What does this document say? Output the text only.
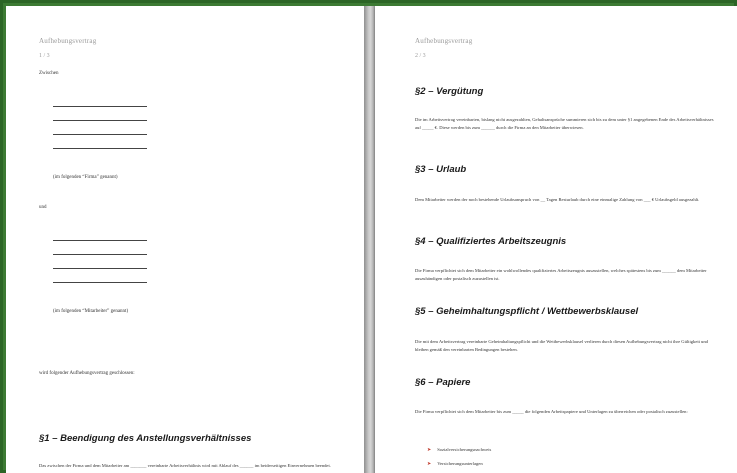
Aufhebungsvertrag
1 / 3
Zwischen
(im folgenden “Firma” genannt)
und
(im folgenden “Mitarbeiter” genannt)
wird folgender Aufhebungsvertrag geschlossen:
§1 – Beendigung des Anstellungsverhältnisses
Das zwischen der Firma und dem Mitarbeiter am _______ vereinbarte Arbeitsverhältnis wird mit Ablauf des ______ im beiderseitigen Einvernehmen beendet.
Aufhebungsvertrag
2 / 3
§2 – Vergütung
Die im Arbeitsvertrag vereinbarten, bislang nicht ausgezahlten, Gehaltsansprüche summieren sich bis zu dem unter §1 angegebenen Ende des Arbeitsverhältnisses auf _____ €. Diese werden bis zum ______ durch die Firma an den Mitarbeiter überwiesen.
§3 – Urlaub
Dem Mitarbeiter werden der noch bestehende Urlaubsanspruch von __ Tagen Resturlaub durch eine einmalige Zahlung von ___ € Urlaubsgeld ausgezahlt.
§4 – Qualifiziertes Arbeitszeugnis
Die Firma verpflichtet sich dem Mitarbeiter ein wohlwollendes qualifiziertes Arbeitszeugnis auszustellen, welches spätestens bis zum ______ dem Mitarbeiter auszuhändigen oder postalisch zuzustellen ist.
§5 – Geheimhaltungspflicht / Wettbewerbsklausel
Die mit dem Arbeitsvertrag vereinbarte Geheimhaltungspflicht und die Wettbewerbsklausel verlieren durch diesen Aufhebungsvertrag nicht ihre Gültigkeit und bleiben gemäß den vereinbarten Bedingungen bestehen.
§6 – Papiere
Die Firma verpflichtet sich dem Mitarbeiter bis zum _____ die folgenden Arbeitspapiere und Unterlagen zu überreichen oder postalisch zuzustellen:
➤ Sozialversicherungsnachweis
➤ Versicherungsunterlagen
